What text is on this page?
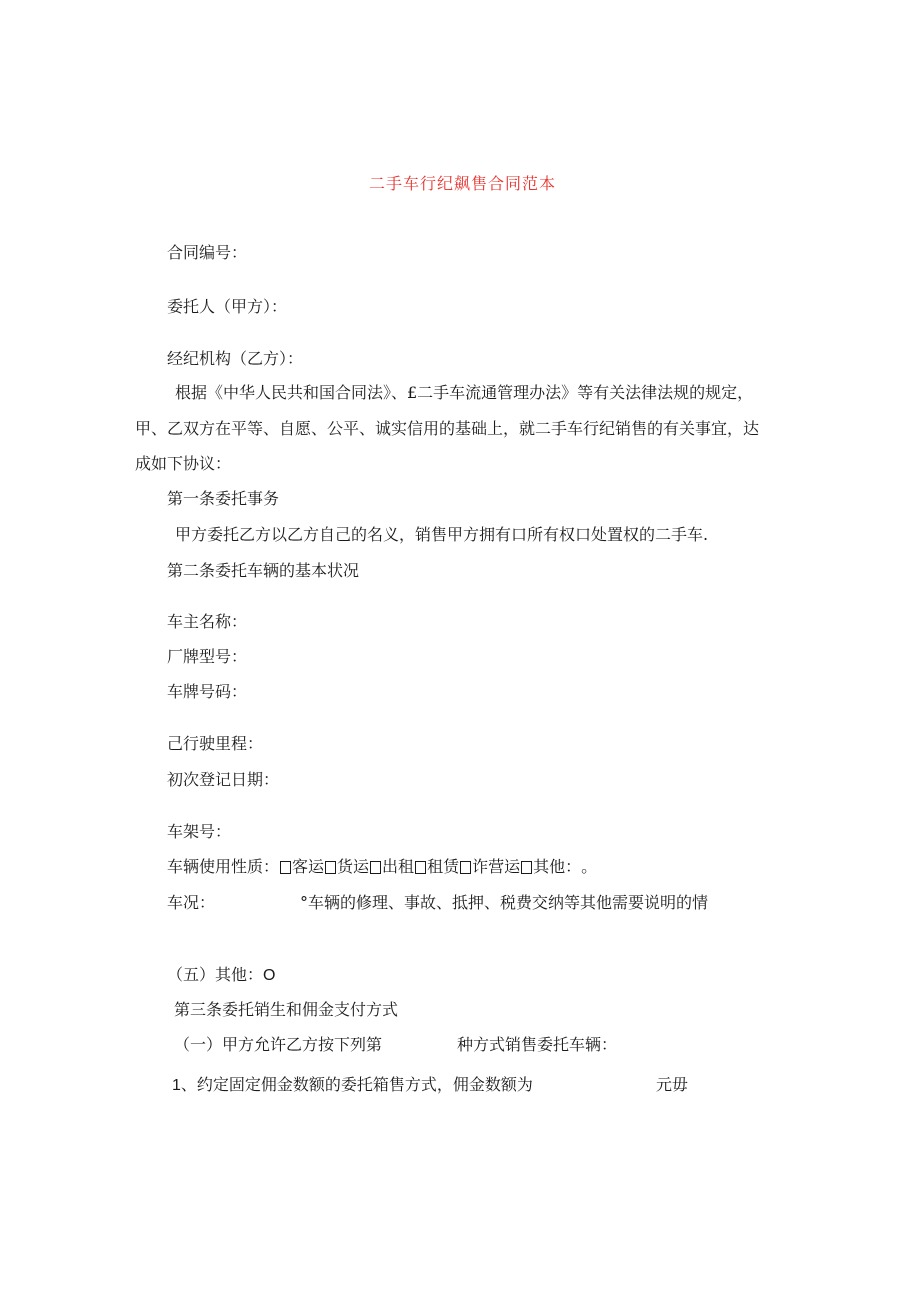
二手车行纪飙售合同范本
合同编号：
委托人（甲方）：
经纪机构（乙方）：
根据《中华人民共和国合同法》、£二手车流通管理办法》等有关法律法规的规定，
甲、乙双方在平等、自愿、公平、诚实信用的基础上，就二手车行纪销售的有关事宜，达
成如下协议：
第一条委托事务
甲方委托乙方以乙方自己的名义，销售甲方拥有口所有权口处置权的二手车.
第二条委托车辆的基本状况
车主名称：
厂牌型号：
车牌号码：
己行驶里程：
初次登记日期：
车架号：
车辆使用性质： 客运 货运 出租 租赁 诈营运 其他： 。
车况：	°车辆的修理、事故、抵押、税费交纳等其他需要说明的情
（五）其他：O
第三条委托销生和佣金支付方式
（一）甲方允许乙方按下列第	种方式销售委托车辆：
1、约定固定佣金数额的委托箱售方式，佣金数额为	元毋
